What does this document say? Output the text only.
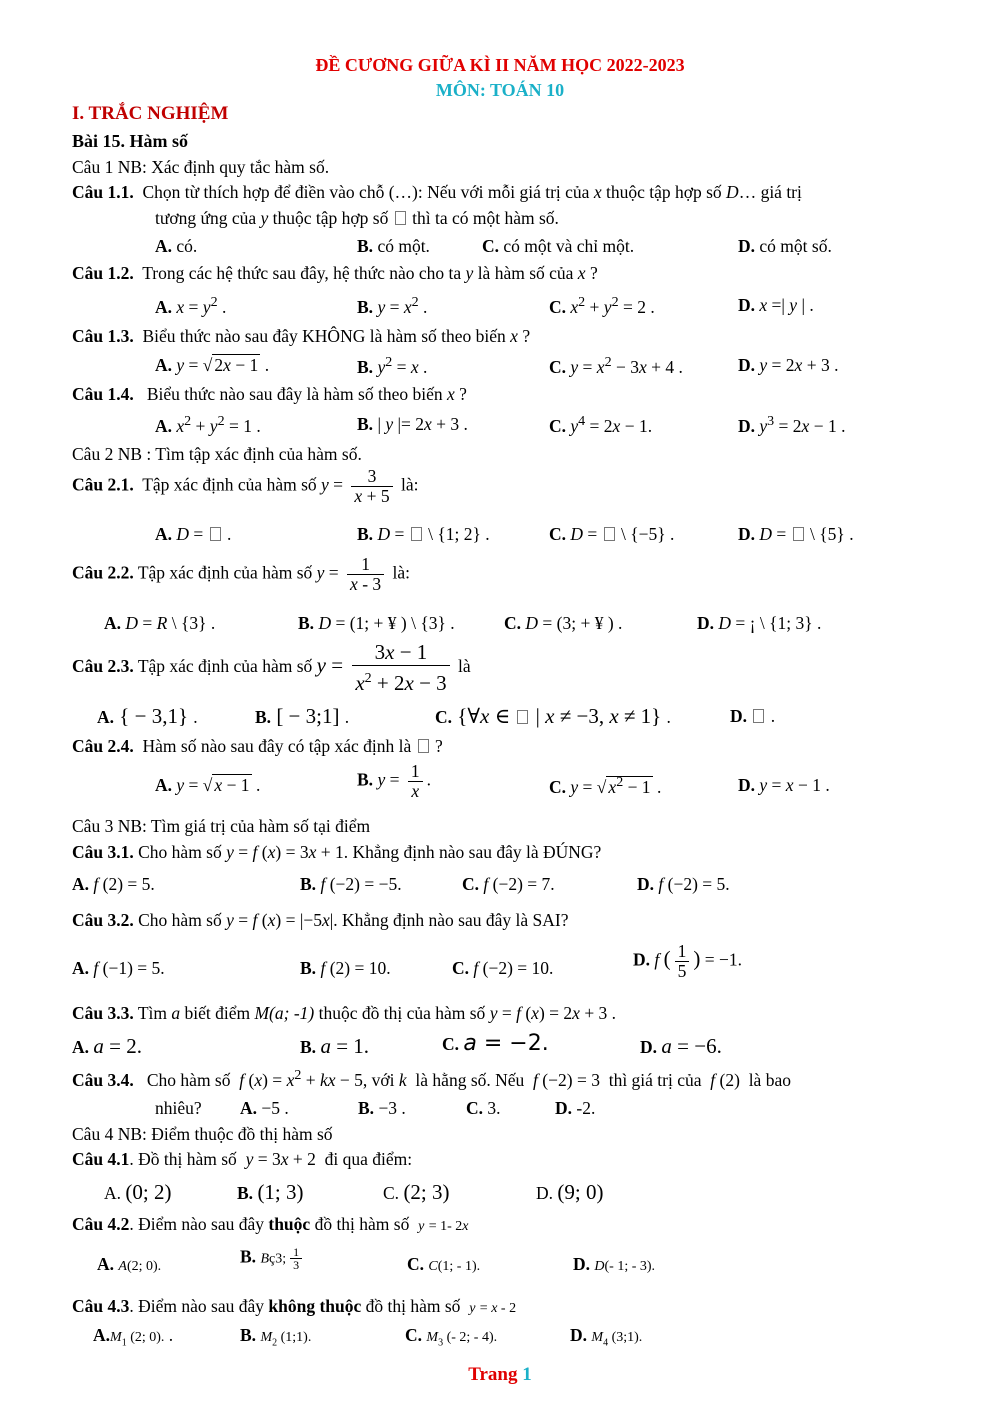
ĐỀ CƯƠNG GIỮA KÌ II NĂM HỌC 2022-2023
MÔN: TOÁN 10
I. TRẮC NGHIỆM
Bài 15. Hàm số
Câu 1 NB: Xác định quy tắc hàm số.
Câu 1.1. Chọn từ thích hợp để điền vào chỗ (…): Nếu với mỗi giá trị của x thuộc tập hợp số D… giá trị
tương ứng của y thuộc tập hợp số thì ta có một hàm số.
A. có.	B. có một.	C. có một và chỉ một.	D. có một số.
Câu 1.2. Trong các hệ thức sau đây, hệ thức nào cho ta y là hàm số của x ?
A. $x = y^2$ .	B. $y = x^2$ .	C. $x^2 + y^2 = 2$ .	D. x =| y | .
Câu 1.3. Biểu thức nào sau đây KHÔNG là hàm số theo biến x ?
A. y = √ 2x − 1 .	B. $y^2 = x$ .	C. $y = x^2 - 3x + 4$ .	D. y = 2x + 3 .
Câu 1.4. Biểu thức nào sau đây là hàm số theo biến x ?
A. $x^2 + y^2 = 1$ .	B. | y |= 2x + 3 .	C. $y^4 = 2x - 1$.	D. $y^3 = 2x - 1$ .
Câu 2 NB : Tìm tập xác định của hàm số.
Câu 2.1. Tập xác định của hàm số $y = \frac{3}{x + 5}$ là:
A. D =  .	B. D =  \ {1; 2} .	C. D =  \ {−5} .	D. D =  \ {5} .
Câu 2.2. Tập xác định của hàm số $y = \frac{1}{x - 3}$ là:
A. D = R \ {3} .	B. D = (1; + ¥ ) \ {3} .	C. D = (3; + ¥ ) .	D. D = ¡ \ {1; 3} .
Câu 2.3. Tập xác định của hàm số $y = \frac{3x - 1}{x^2 + 2x - 3}$ là
A. { − 3,1} .	B. [ − 3;1] .	C. {∀x ∈  | x ≠ −3, x ≠ 1} .	D.  .
Câu 2.4. Hàm số nào sau đây có tập xác định là  ?
A. y = √ x − 1 .	B. $y = \frac{1}{x}$ .	C. y = √ $x^2 - 1$ .	D. y = x − 1 .
Câu 3 NB: Tìm giá trị của hàm số tại điểm
Câu 3.1. Cho hàm số y = f (x) = 3x + 1. Khẳng định nào sau đây là ĐÚNG?
A. f (2) = 5.	B. f (−2) = −5.	C. f (−2) = 7.	D. f (−2) = 5.
Câu 3.2. Cho hàm số y = f (x) = |−5x|. Khẳng định nào sau đây là SAI?
A. f (−1) = 5.	B. f (2) = 10.	C. f (−2) = 10.	D. f ( $\frac{1}{5}$ ) = −1.
Câu 3.3. Tìm a biết điểm M(a; -1) thuộc đồ thị của hàm số y = f (x) = 2x + 3 .
A. a = 2.	B. a = 1.	C. a = −2.	D. a = −6.
Câu 3.4. Cho hàm số f $(x) = x^2$ + kx − 5, với k là hằng số. Nếu f (−2) = 3  thì giá trị của f (2)  là bao
nhiêu? A. −5 .	B. −3 .	C. 3.	D. -2.
Câu 4 NB: Điểm thuộc đồ thị hàm số
Câu 4.1. Đồ thị hàm số y = 3x + 2  đi qua điểm:
A. (0; 2)	B. (1; 3)	C. (2; 3)	D. (9; 0)
Câu 4.2. Điểm nào sau đây thuộc đồ thị hàm số y = 1- 2x
A. A(2; 0).	B. Bç3; $\frac{1}{3}$	C. C(1; - 1).	D. D(- 1; - 3).
Câu 4.3. Điểm nào sau đây không thuộc đồ thị hàm số y = x - 2
$A.M_1$ (2; 0). .	B. $M_2$ (1;1).	C. $M_3$ (- 2; - 4).	D. $M_4$ (3;1).
Trang 1
